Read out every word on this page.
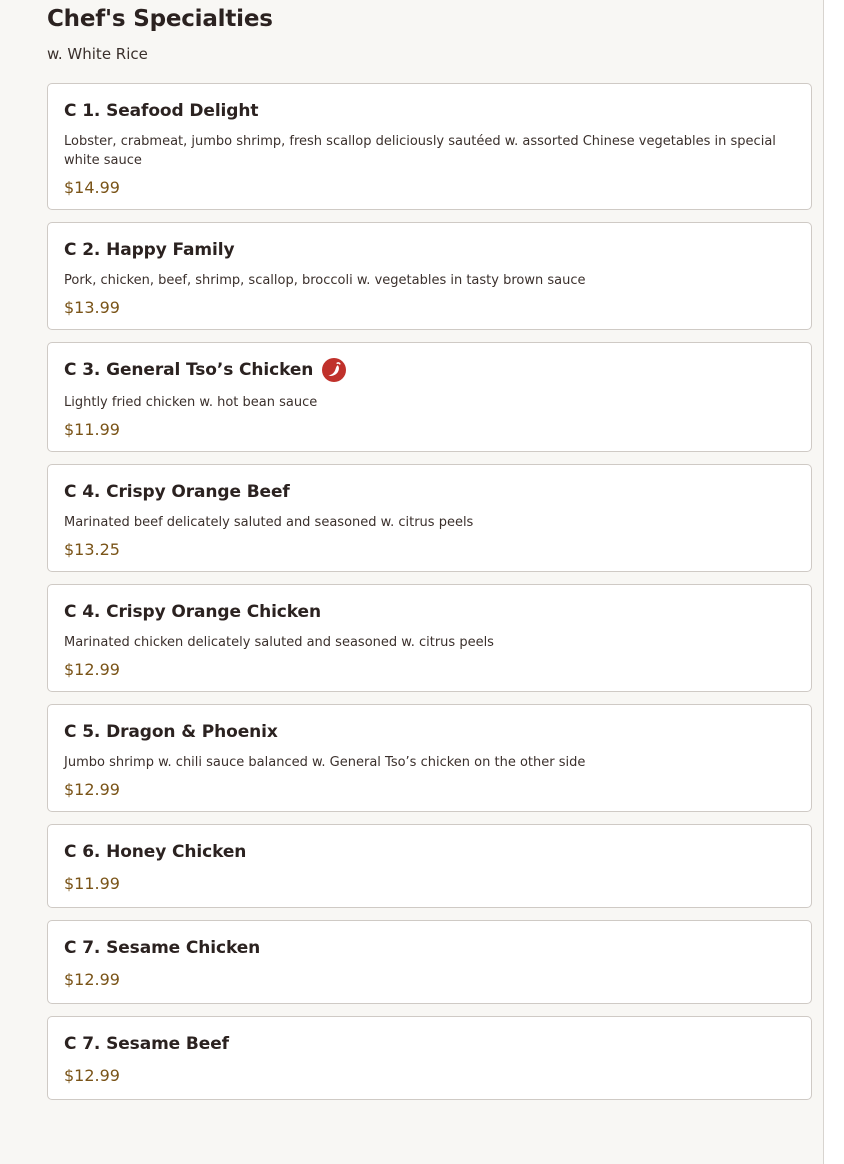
Chef's Specialties
w. White Rice
C 1. Seafood Delight
Lobster, crabmeat, jumbo shrimp, fresh scallop deliciously sautéed w. assorted Chinese vegetables in special white sauce
$14.99
C 2. Happy Family
Pork, chicken, beef, shrimp, scallop, broccoli w. vegetables in tasty brown sauce
$13.99
C 3. General Tso’s Chicken
Lightly fried chicken w. hot bean sauce
$11.99
C 4. Crispy Orange Beef
Marinated beef delicately saluted and seasoned w. citrus peels
$13.25
C 4. Crispy Orange Chicken
Marinated chicken delicately saluted and seasoned w. citrus peels
$12.99
C 5. Dragon & Phoenix
Jumbo shrimp w. chili sauce balanced w. General Tso’s chicken on the other side
$12.99
C 6. Honey Chicken
$11.99
C 7. Sesame Chicken
$12.99
C 7. Sesame Beef
$12.99
